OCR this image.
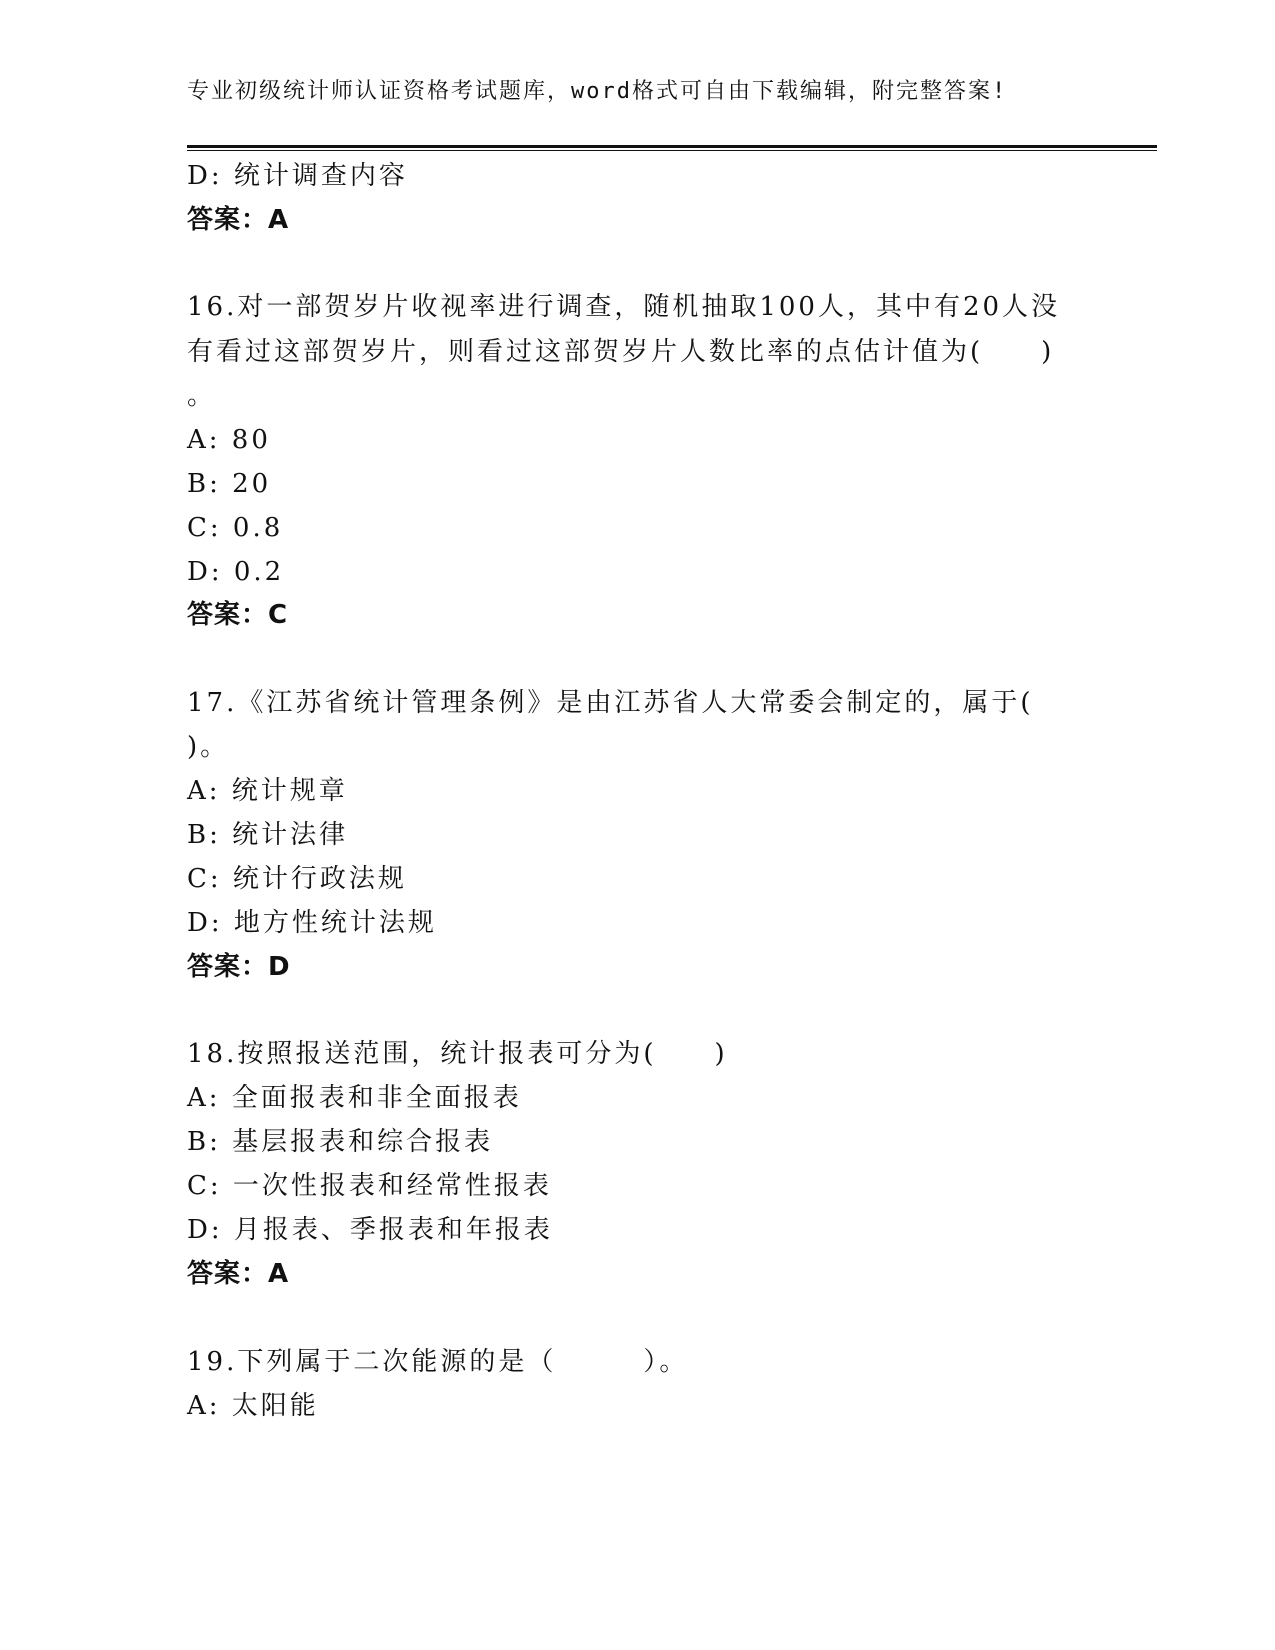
专业初级统计师认证资格考试题库，word格式可自由下载编辑，附完整答案!
D: 统计调查内容
答案：A
16.对一部贺岁片收视率进行调查，随机抽取100人，其中有20人没
有看过这部贺岁片，则看过这部贺岁片人数比率的点估计值为(　　)
。
A: 80
B: 20
C: 0.8
D: 0.2
答案：C
17.《江苏省统计管理条例》是由江苏省人大常委会制定的，属于(
)。
A: 统计规章
B: 统计法律
C: 统计行政法规
D: 地方性统计法规
答案：D
18.按照报送范围，统计报表可分为(　　)
A: 全面报表和非全面报表
B: 基层报表和综合报表
C: 一次性报表和经常性报表
D: 月报表、季报表和年报表
答案：A
19.下列属于二次能源的是（　　　）。
A: 太阳能
